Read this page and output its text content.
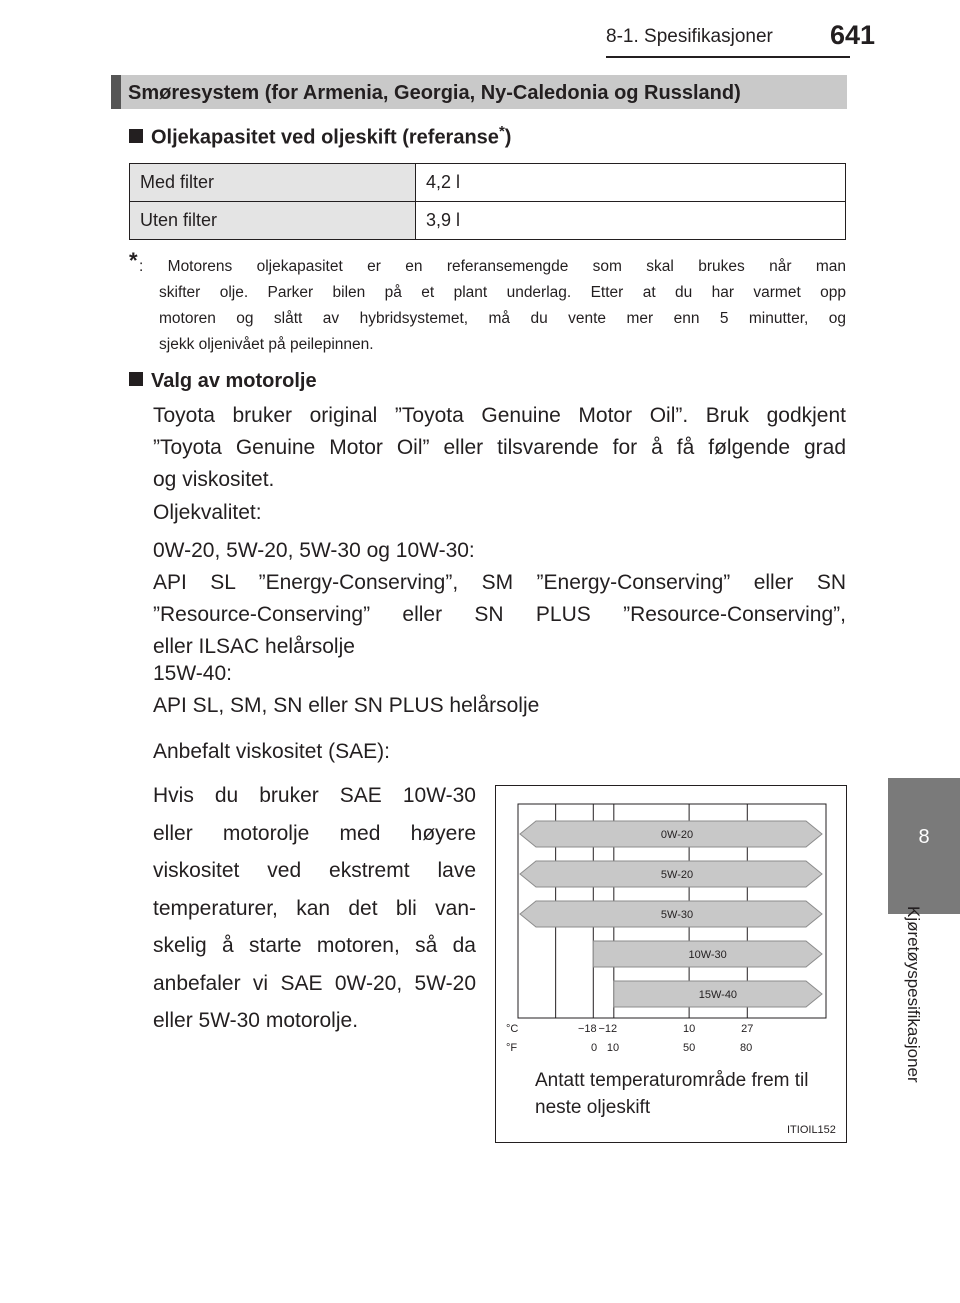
8-1. Spesifikasjoner 641
8
Kjøretøyspesifikasjoner
Smøresystem (for Armenia, Georgia, Ny-Caledonia og Russland)
Oljekapasitet ved oljeskift (referanse*)
Med filter	4,2 l
Uten filter	3,9 l
* : Motorens oljekapasitet er en referansemengde som skal brukes når man
skifter olje. Parker bilen på et plant underlag. Etter at du har varmet opp
motoren og slått av hybridsystemet, må du vente mer enn 5 minutter, og
sjekk oljenivået på peilepinnen.
Valg av motorolje
Toyota bruker original ”Toyota Genuine Motor Oil”. Bruk godkjent
”Toyota Genuine Motor Oil” eller tilsvarende for å få følgende grad
og viskositet.
Oljekvalitet:
0W-20, 5W-20, 5W-30 og 10W-30:
API SL ”Energy-Conserving”, SM ”Energy-Conserving” eller SN
”Resource-Conserving” eller SN PLUS ”Resource-Conserving”,
eller ILSAC helårsolje
15W-40:
API SL, SM, SN eller SN PLUS helårsolje
Anbefalt viskositet (SAE):
Hvis du bruker SAE 10W-30
eller motorolje med høyere
viskositet ved ekstremt lave
temperaturer, kan det bli van-
skelig å starte motoren, så da
anbefaler vi SAE 0W-20, 5W-20
eller 5W-30 motorolje.
0W-20
5W-20
5W-30
10W-30
15W-40
°C
°F
−18 −12	10	27
0 10	50	80
Antatt temperaturområde frem til
neste oljeskift
ITIOIL152
